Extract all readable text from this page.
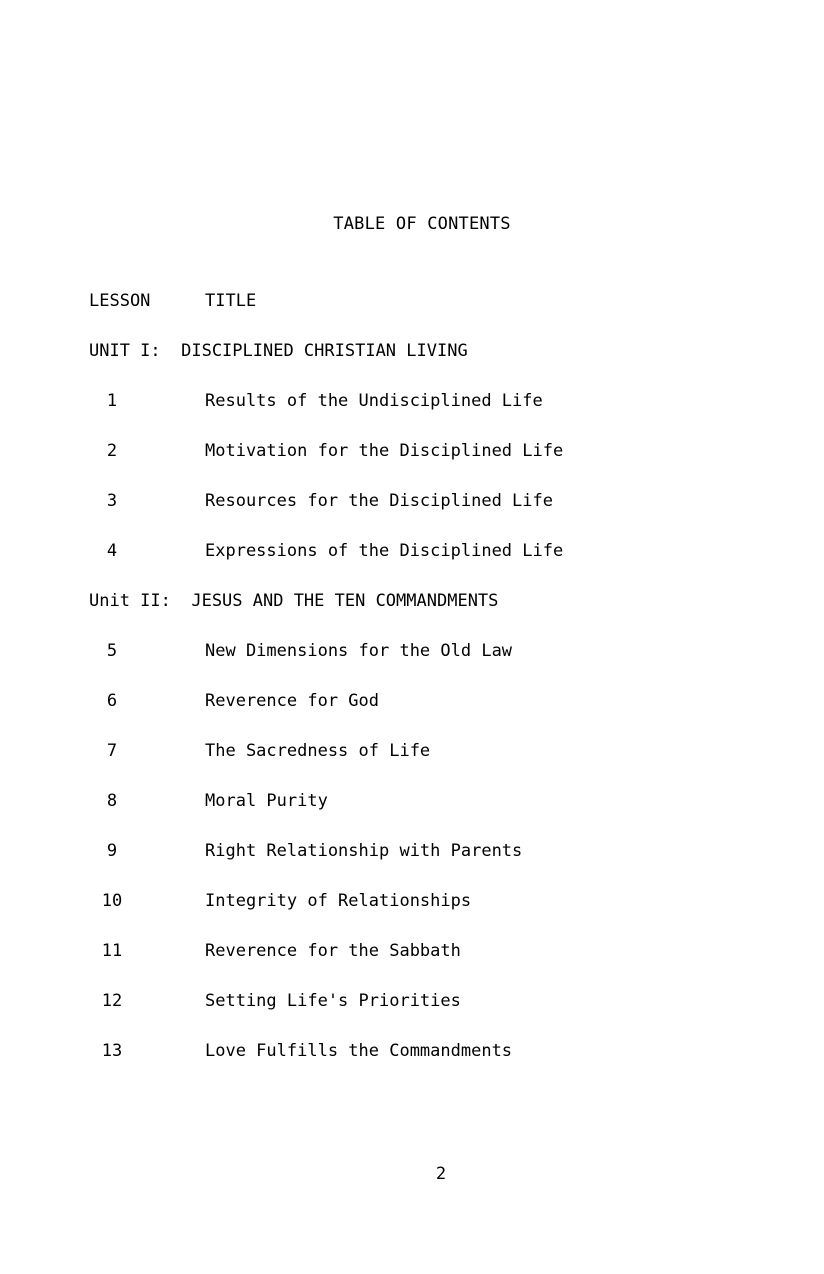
TABLE OF CONTENTS
LESSON	TITLE
UNIT I:  DISCIPLINED CHRISTIAN LIVING
1	Results of the Undisciplined Life
2	Motivation for the Disciplined Life
3	Resources for the Disciplined Life
4	Expressions of the Disciplined Life
Unit II:  JESUS AND THE TEN COMMANDMENTS
5	New Dimensions for the Old Law
6	Reverence for God
7	The Sacredness of Life
8	Moral Purity
9	Right Relationship with Parents
10	Integrity of Relationships
11	Reverence for the Sabbath
12	Setting Life's Priorities
13	Love Fulfills the Commandments
2
